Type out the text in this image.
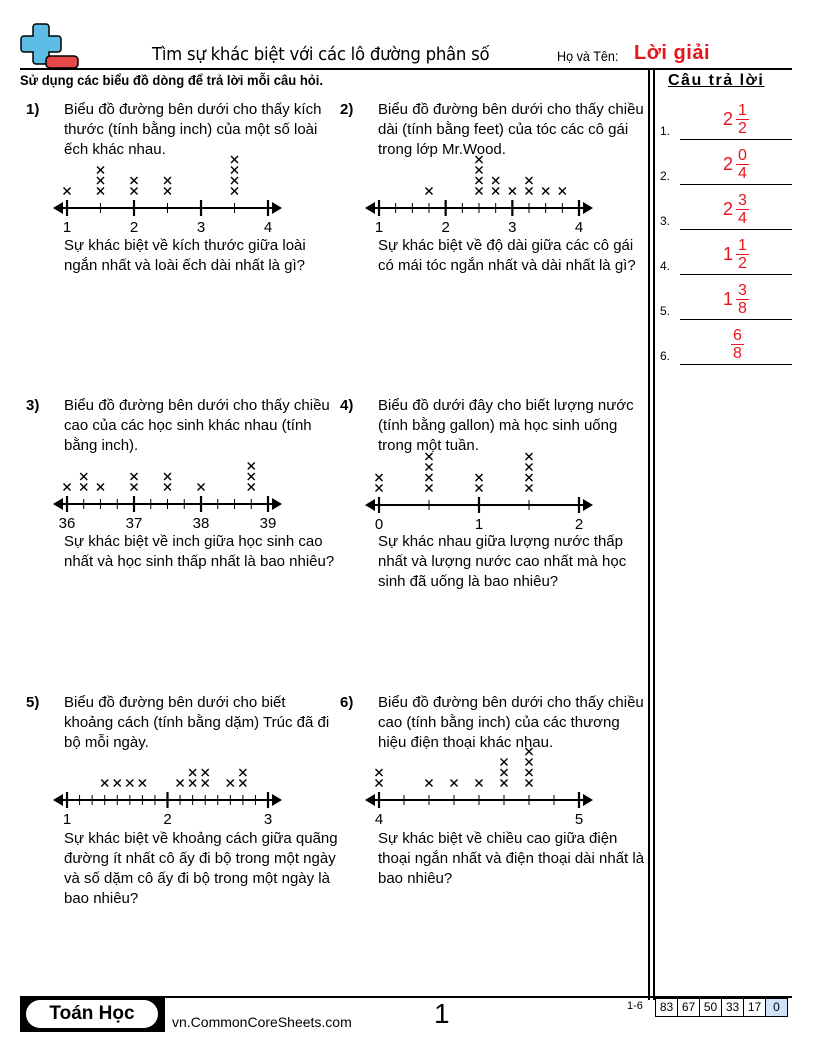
Tìm sự khác biệt với các lô đường phân số	Họ và Tên: Lời giải
Sử dụng các biểu đồ dòng để trả lời mỗi câu hỏi.	Câu trả lời
1.
$2 \frac{1}{2}$
2.
$2 \frac{0}{4}$
3.
$2 \frac{3}{4}$
4.
$1 \frac{1}{2}$
5.
$1 \frac{3}{8}$
6.	$\frac{6}{8}$
1) Biểu đồ đường bên dưới cho thấy kích thước (tính bằng inch) của một số loài ếch khác nhau.
Sự khác biệt về kích thước giữa loài ngắn nhất và loài ếch dài nhất là gì?
2) Biểu đồ đường bên dưới cho thấy chiều dài (tính bằng feet) của tóc các cô gái trong lớp Mr.Wood.
Sự khác biệt về độ dài giữa các cô gái có mái tóc ngắn nhất và dài nhất là gì?
3) Biểu đồ đường bên dưới cho thấy chiều cao của các học sinh khác nhau (tính bằng inch).
Sự khác biệt về inch giữa học sinh cao nhất và học sinh thấp nhất là bao nhiêu?
4) Biểu đồ dưới đây cho biết lượng nước (tính bằng gallon) mà học sinh uống trong một tuần.
Sự khác nhau giữa lượng nước thấp nhất và lượng nước cao nhất mà học sinh đã uống là bao nhiêu?
5) Biểu đồ đường bên dưới cho biết khoảng cách (tính bằng dặm) Trúc đã đi bộ mỗi ngày.
Sự khác biệt về khoảng cách giữa quãng đường ít nhất cô ấy đi bộ trong một ngày và số dặm cô ấy đi bộ trong một ngày là bao nhiêu?
6) Biểu đồ đường bên dưới cho thấy chiều cao (tính bằng inch) của các thương hiệu điện thoại khác nhau.
Sự khác biệt về chiều cao giữa điện thoại ngắn nhất và điện thoại dài nhất là bao nhiêu?
Toán Học	vn.CommonCoreSheets.com	1	1-6	83 67 50 33 17 0
1	2	3	4	1	2	3	4
36	37	38	39	0	1	2
1	2	3	4	5
